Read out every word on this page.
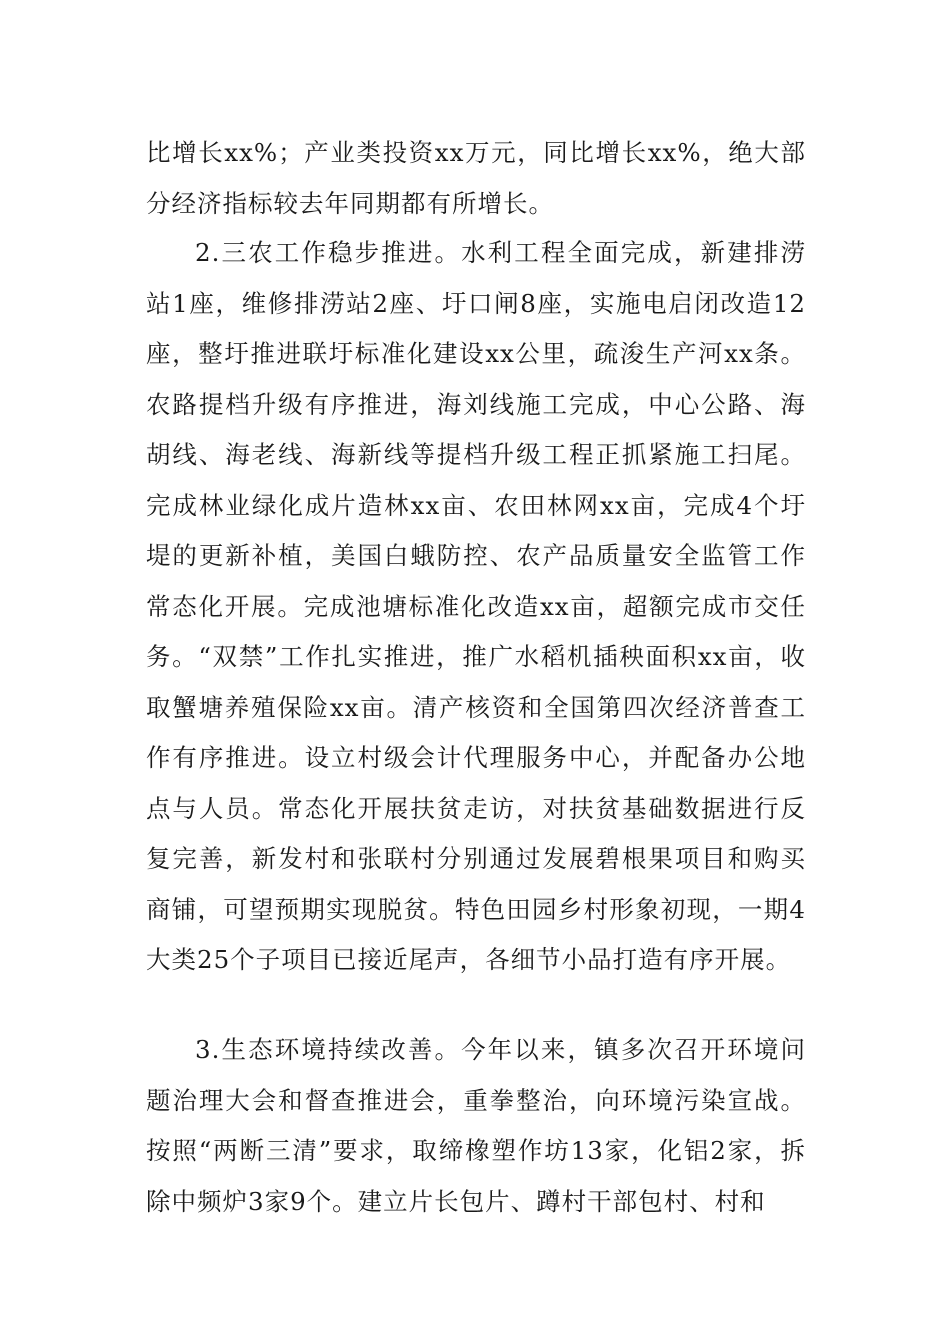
比增长xx%；产业类投资xx万元，同比增长xx%，绝大部分经济指标较去年同期都有所增长。

2.三农工作稳步推进。水利工程全面完成，新建排涝站1座，维修排涝站2座、圩口闸8座，实施电启闭改造12座，整圩推进联圩标准化建设xx公里，疏浚生产河xx条。农路提档升级有序推进，海刘线施工完成，中心公路、海胡线、海老线、海新线等提档升级工程正抓紧施工扫尾。完成林业绿化成片造林xx亩、农田林网xx亩，完成4个圩堤的更新补植，美国白蛾防控、农产品质量安全监管工作常态化开展。完成池塘标准化改造xx亩，超额完成市交任务。“双禁”工作扎实推进，推广水稻机插秧面积xx亩，收取蟹塘养殖保险xx亩。清产核资和全国第四次经济普查工作有序推进。设立村级会计代理服务中心，并配备办公地点与人员。常态化开展扶贫走访，对扶贫基础数据进行反复完善，新发村和张联村分别通过发展碧根果项目和购买商铺，可望预期实现脱贫。特色田园乡村形象初现，一期4大类25个子项目已接近尾声，各细节小品打造有序开展。

3.生态环境持续改善。今年以来，镇多次召开环境问题治理大会和督查推进会，重拳整治，向环境污染宣战。按照“两断三清”要求，取缔橡塑作坊13家，化铝2家，拆除中频炉3家9个。建立片长包片、蹲村干部包村、村和
